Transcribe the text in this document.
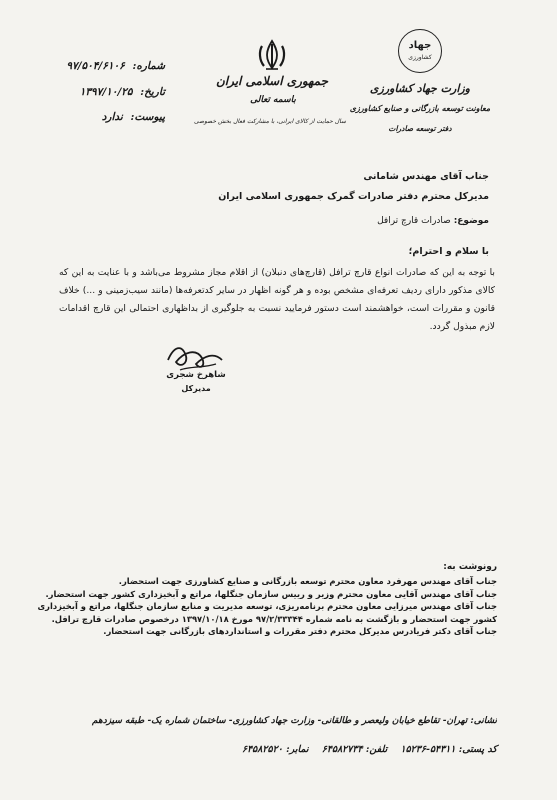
شماره: ۹۷/۵۰۴/۶۱۰۶
تاریخ: ۱۳۹۷/۱۰/۲۵
پیوست: ندارد
جمهوری اسلامی ایران
باسمه تعالی
سال حمایت از کالای ایرانی، با مشارکت فعال بخش خصوصی
جهاد
کشاورزی
وزارت جهاد کشاورزی
معاونت توسعه بازرگانی و صنایع کشاورزی
دفتر توسعه صادرات
جناب آقای مهندس شامانی
مدیرکل محترم دفتر صادرات گمرک جمهوری اسلامی ایران
موضوع: صادرات قارچ ترافل
با سلام و احترام؛
با توجه به این که صادرات انواع قارچ ترافل (قارچ‌های دنبلان) از اقلام مجاز مشروط می‌باشد و با عنایت به این که کالای مذکور دارای ردیف تعرفه‌ای مشخص بوده و هر گونه اظهار در سایر کدتعرفه‌ها (مانند سیب‌زمینی و ...) خلاف قانون و مقررات است، خواهشمند است دستور فرمایید نسبت به جلوگیری از بداظهاری احتمالی این قارچ اقدامات لازم مبذول گردد.
شاهرخ شجری
مدیرکل
رونوشت به:
جناب آقای مهندس مهرفرد معاون محترم توسعه بازرگانی و صنایع کشاورزی جهت استحضار.
جناب آقای مهندس آقایی معاون محترم وزیر و رییس سازمان جنگلها، مراتع و آبخیزداری کشور جهت استحضار.
جناب آقای مهندس میرزایی معاون محترم برنامه‌ریزی، توسعه مدیریت و منابع سازمان جنگلها، مراتع و آبخیزداری کشور جهت استحضار و بازگشت به نامه شماره ۹۷/۲/۳۳۳۴۴ مورخ ۱۳۹۷/۱۰/۱۸ درخصوص صادرات قارچ ترافل.
جناب آقای دکتر فریادرس مدیرکل محترم دفتر مقررات و استانداردهای بازرگانی جهت استحضار.
نشانی: تهران- تقاطع خیابان ولیعصر و طالقانی- وزارت جهاد کشاورزی- ساختمان شماره یک- طبقه سیزدهم
کد پستی: ۵۴۳۱۱-۱۵۲۳۶    تلفن: ۶۴۵۸۲۷۳۴    نمابر: ۶۴۵۸۲۵۲۰
